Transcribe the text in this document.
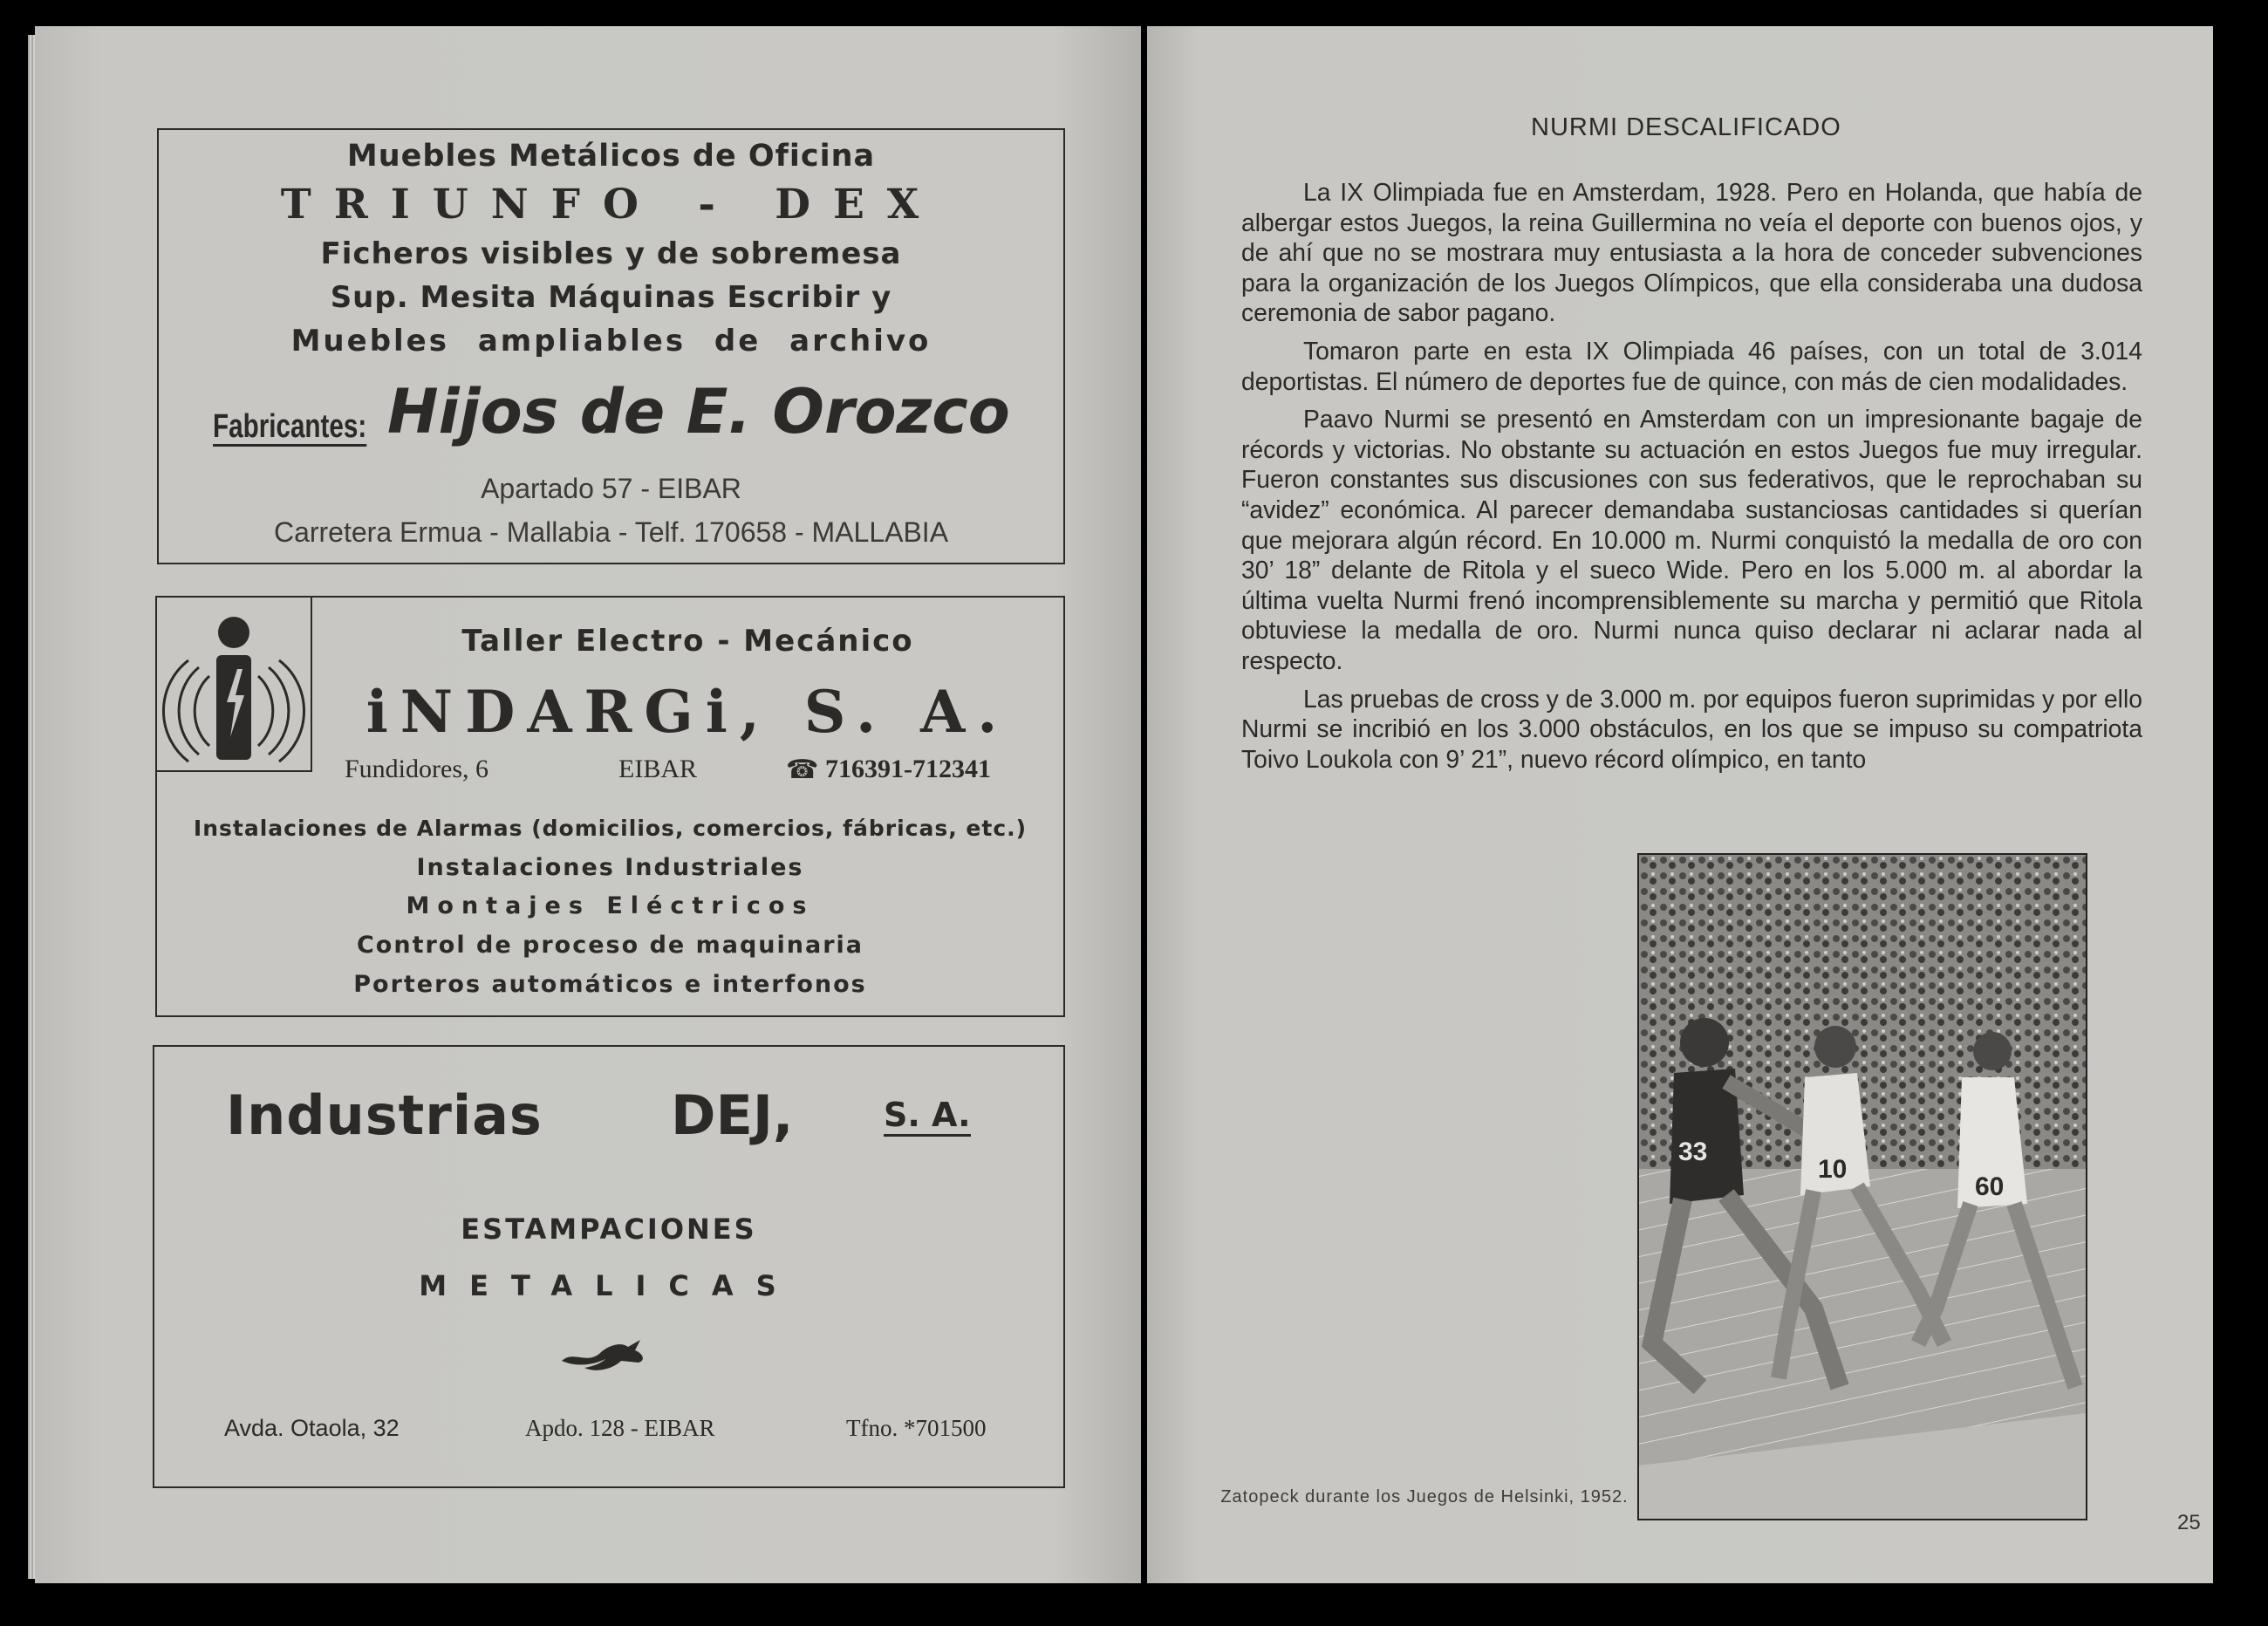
Muebles Metálicos de Oficina
TRIUNFO - DEX
Ficheros visibles y de sobremesa
Sup. Mesita Máquinas Escribir y
Muebles ampliables de archivo
Fabricantes: Hijos de E. Orozco
Apartado 57 - EIBAR
Carretera Ermua - Mallabia - Telf. 170658 - MALLABIA
Taller Electro - Mecánico
iNDARGi, S. A.
Fundidores, 6	EIBAR	☎ 716391-712341
Instalaciones de Alarmas (domicilios, comercios, fábricas, etc.)
Instalaciones Industriales
Montajes Eléctricos
Control de proceso de maquinaria
Porteros automáticos e interfonos
Industrias DEJ,	S. A.
ESTAMPACIONES
METALICAS
Avda. Otaola, 32	Apdo. 128 - EIBAR	Tfno. *701500
NURMI DESCALIFICADO

La IX Olimpiada fue en Amsterdam, 1928. Pero en Holanda, que había de albergar estos Juegos, la reina Guillermina no veía el deporte con buenos ojos, y de ahí que no se mostrara muy entusiasta a la hora de conceder subvenciones para la organización de los Juegos Olímpicos, que ella consideraba una dudosa ceremonia de sabor pagano.

Tomaron parte en esta IX Olimpiada 46 países, con un total de 3.014 deportistas. El número de deportes fue de quince, con más de cien modalidades.

Paavo Nurmi se presentó en Amsterdam con un impresionante bagaje de récords y victorias. No obstante su actuación en estos Juegos fue muy irregular. Fueron constantes sus discusiones con sus federativos, que le reprochaban su “avidez” económica. Al parecer demandaba sustanciosas cantidades si querían que mejorara algún récord. En 10.000 m. Nurmi conquistó la medalla de oro con 30’ 18” delante de Ritola y el sueco Wide. Pero en los 5.000 m. al abordar la última vuelta Nurmi frenó incomprensiblemente su marcha y permitió que Ritola obtuviese la medalla de oro. Nurmi nunca quiso declarar ni aclarar nada al respecto.

Las pruebas de cross y de 3.000 m. por equipos fueron suprimidas y por ello Nurmi se incribió en los 3.000 obstáculos, en los que se impuso su compatriota Toivo Loukola con 9’ 21”, nuevo récord olímpico, en tanto

33
10
60
Zatopeck durante los Juegos de Helsinki, 1952.
25
